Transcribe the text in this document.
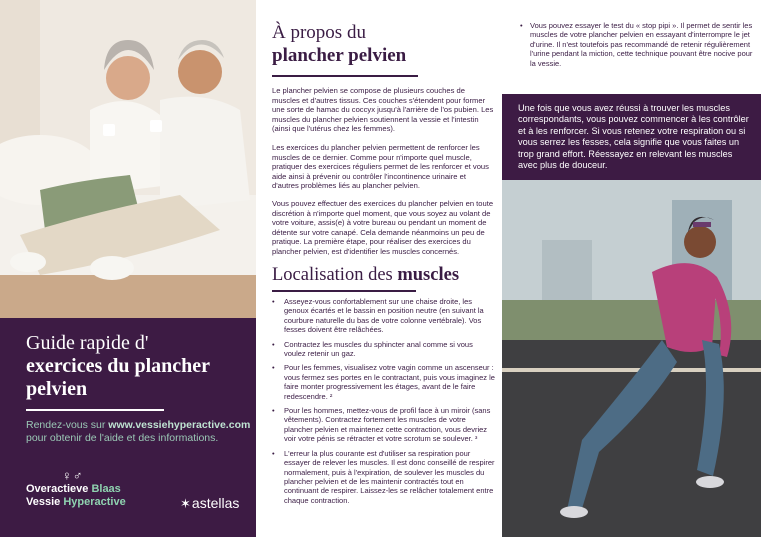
Guide rapide d'
exercices du plancher pelvien
Rendez-vous sur www.vessiehyperactive.com pour obtenir de l'aide et des informations.
♀♂
Overactieve Blaas
Vessie Hyperactive	✶astellas
À propos du
plancher pelvien

Le plancher pelvien se compose de plusieurs couches de muscles et d'autres tissus. Ces couches s'étendent pour former une sorte de hamac du coccyx jusqu'à l'arrière de l'os pubien. Les muscles du plancher pelvien soutiennent la vessie et l'intestin (ainsi que l'utérus chez les femmes).

Les exercices du plancher pelvien permettent de renforcer les muscles de ce dernier. Comme pour n'importe quel muscle, pratiquer des exercices réguliers permet de les renforcer et vous aide ainsi à prévenir ou contrôler l'incontinence urinaire et d'autres problèmes liés au plancher pelvien.

Vous pouvez effectuer des exercices du plancher pelvien en toute discrétion à n'importe quel moment, que vous soyez au volant de votre voiture, assis(e) à votre bureau ou pendant un moment de détente sur votre canapé. Cela demande néanmoins un peu de pratique. La première étape, pour réaliser des exercices du plancher pelvien, est d'identifier les muscles concernés.

Localisation des muscles
• Asseyez-vous confortablement sur une chaise droite, les genoux écartés et le bassin en position neutre (en suivant la courbure naturelle du bas de votre colonne vertébrale). Vos fesses doivent être relâchées.
• Contractez les muscles du sphincter anal comme si vous voulez retenir un gaz.
• Pour les femmes, visualisez votre vagin comme un ascenseur : vous fermez ses portes en le contractant, puis vous imaginez le faire monter progressivement les étages, avant de le faire redescendre. ²
• Pour les hommes, mettez-vous de profil face à un miroir (sans vêtements). Contractez fortement les muscles de votre plancher pelvien et maintenez cette contraction, vous devriez voir votre pénis se rétracter et votre scrotum se soulever. ³
• L'erreur la plus courante est d'utiliser sa respiration pour essayer de relever les muscles. Il est donc conseillé de respirer normalement, puis à l'expiration, de soulever les muscles du plancher pelvien et de les maintenir contractés tout en continuant de respirer. Laissez-les se relâcher totalement entre chaque contraction.
• Vous pouvez essayer le test du « stop pipi ». Il permet de sentir les muscles de votre plancher pelvien en essayant d'interrompre le jet d'urine. Il n'est toutefois pas recommandé de retenir régulièrement l'urine pendant la miction, cette technique pouvant être nocive pour la vessie.

Une fois que vous avez réussi à trouver les muscles correspondants, vous pouvez commencer à les contrôler et à les renforcer. Si vous retenez votre respiration ou si vous serrez les fesses, cela signifie que vous faites un trop grand effort. Réessayez en relevant les muscles avec plus de douceur.
